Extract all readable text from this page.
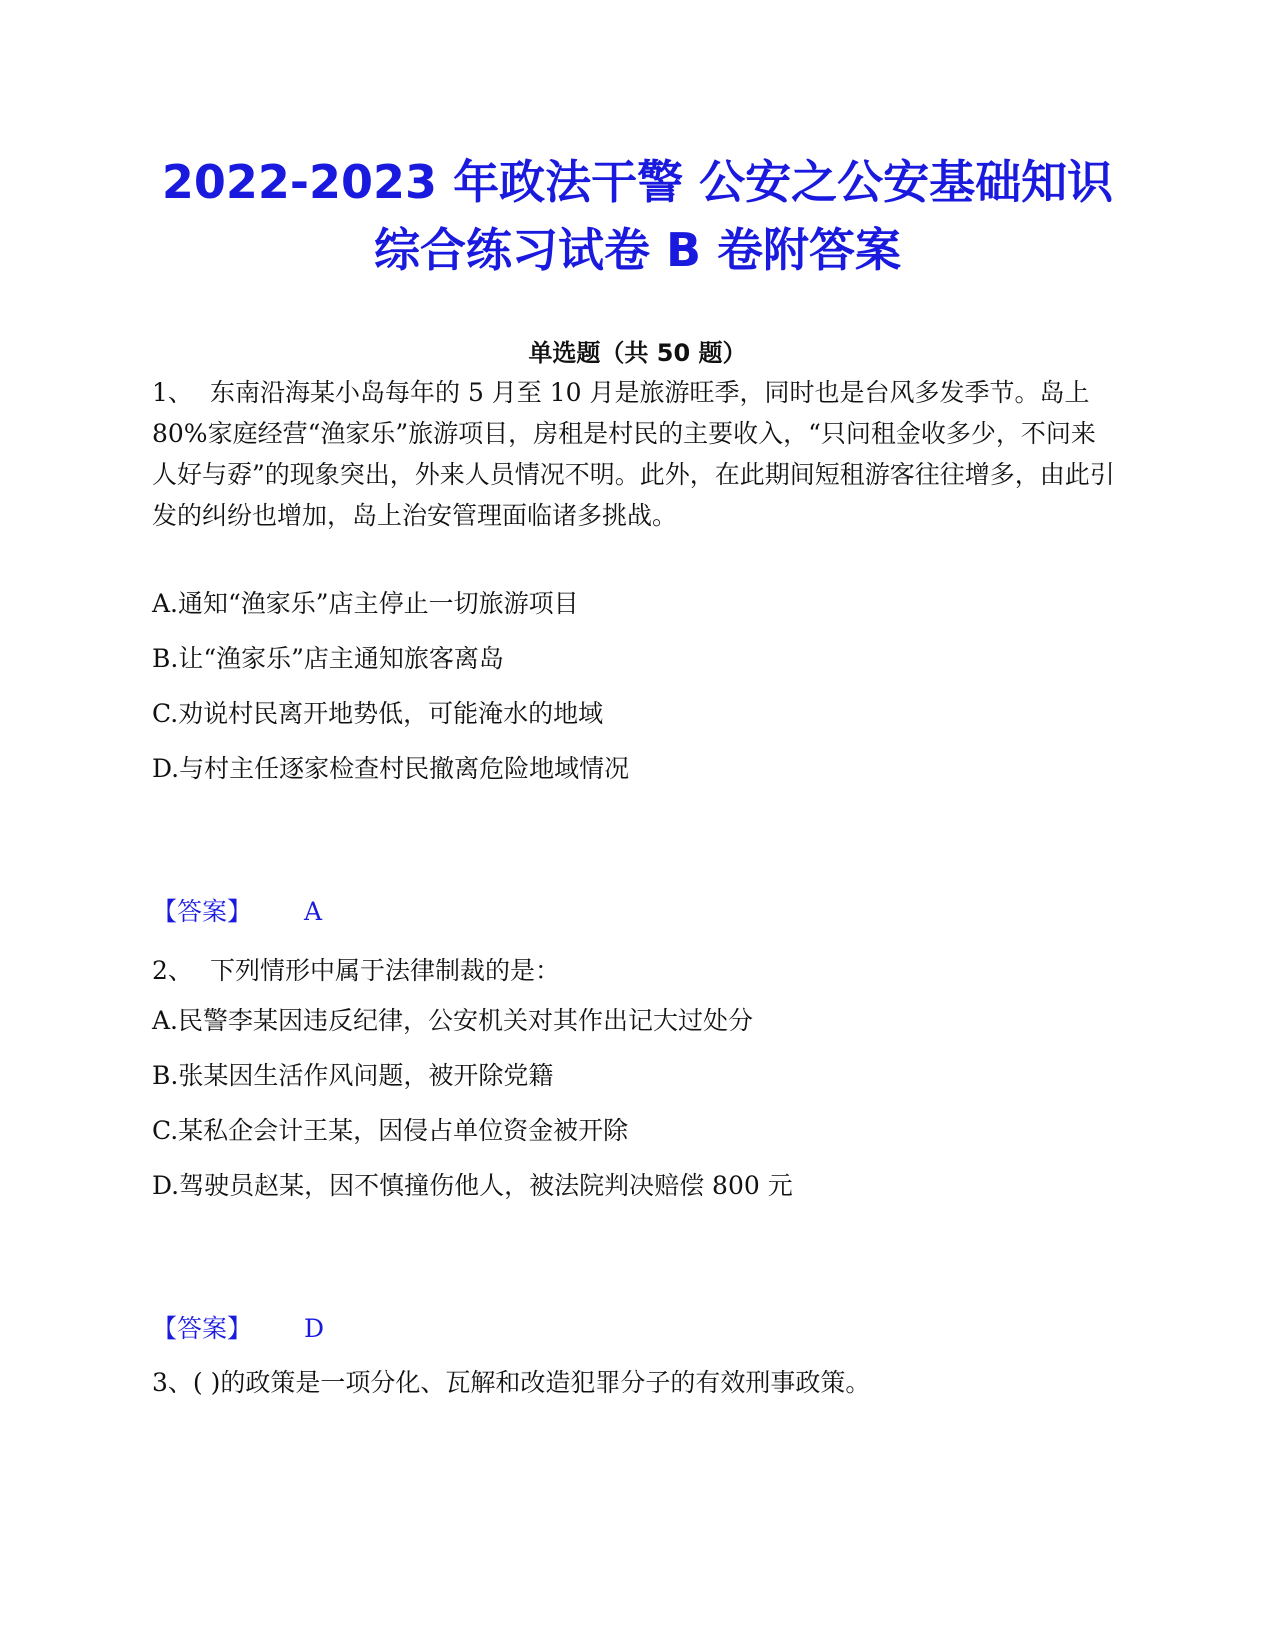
2022-2023 年政法干警 公安之公安基础知识
综合练习试卷 B 卷附答案
单选题（共 50 题）

1、 东南沿海某小岛每年的 5 月至 10 月是旅游旺季，同时也是台风多发季节。岛上 80%家庭经营“渔家乐”旅游项目，房租是村民的主要收入，“只问租金收多少，不问来人好与孬”的现象突出，外来人员情况不明。此外，在此期间短租游客往往增多，由此引发的纠纷也增加，岛上治安管理面临诸多挑战。

A.通知“渔家乐”店主停止一切旅游项目
B.让“渔家乐”店主通知旅客离岛
C.劝说村民离开地势低，可能淹水的地域
D.与村主任逐家检查村民撤离危险地域情况
【答案】 A

2、 下列情形中属于法律制裁的是：

A.民警李某因违反纪律，公安机关对其作出记大过处分
B.张某因生活作风问题，被开除党籍
C.某私企会计王某，因侵占单位资金被开除
D.驾驶员赵某，因不慎撞伤他人，被法院判决赔偿 800 元
【答案】 D

3、( )的政策是一项分化、瓦解和改造犯罪分子的有效刑事政策。
